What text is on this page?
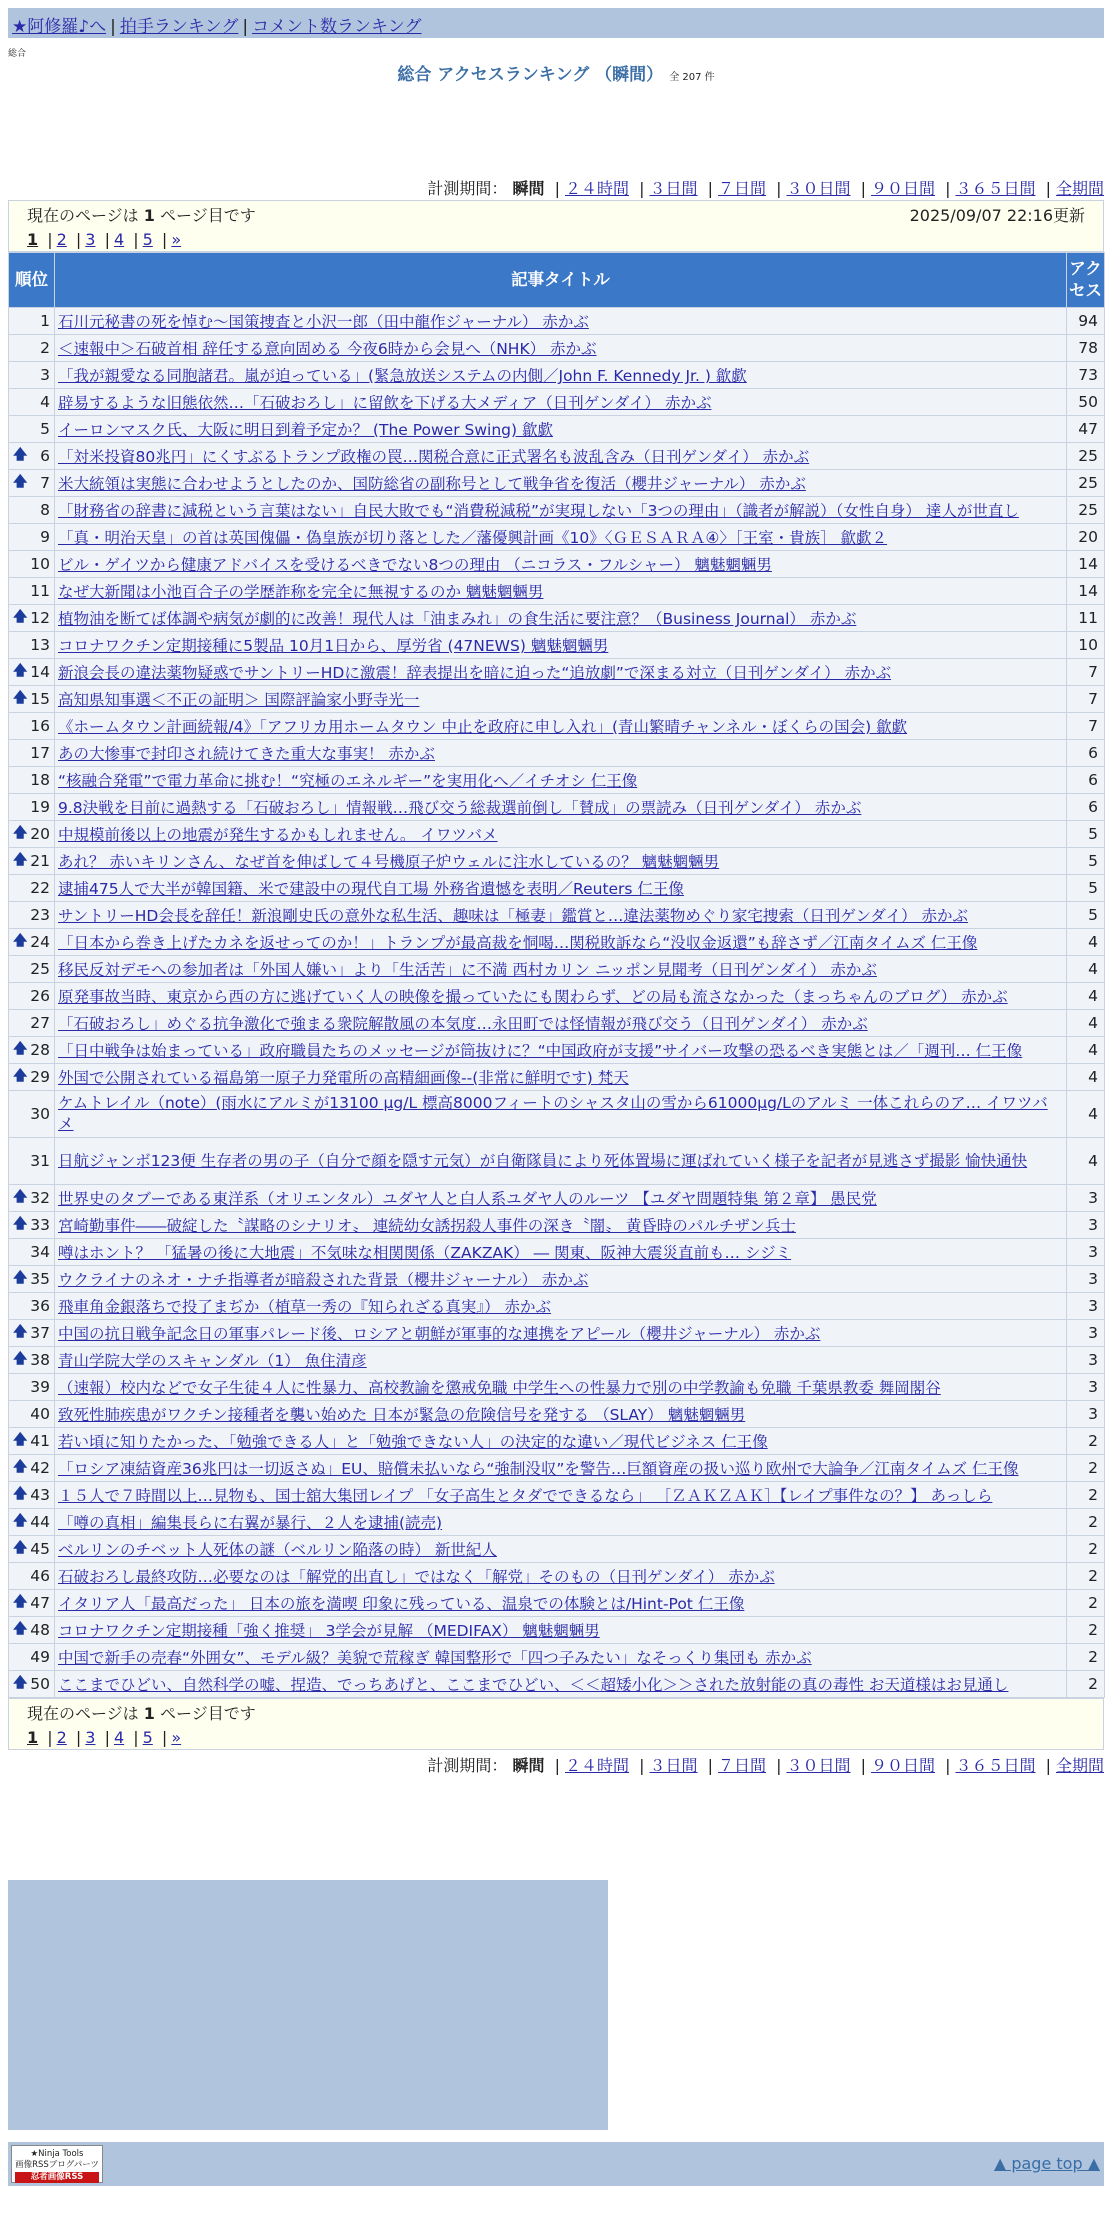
★阿修羅♪へ | 拍手ランキング | コメント数ランキング
総合
総合 アクセスランキング （瞬間） 全 207 件
計測期間： 瞬間 | ２４時間 | ３日間 | ７日間 | ３０日間 | ９０日間 | ３６５日間 | 全期間
現在のページは 1 ページ目です	2025/09/07 22:16更新
1 | 2 | 3 | 4 | 5 | »
順位	記事タイトル	アクセス
1	石川元秘書の死を悼む〜国策捜査と小沢一郎（田中龍作ジャーナル） 赤かぶ	94
2	＜速報中＞石破首相 辞任する意向固める 今夜6時から会見へ（NHK） 赤かぶ	78
3	「我が親愛なる同胞諸君。嵐が迫っている」(緊急放送システムの内側／John F. Kennedy Jr. ) 歙歔	73
4	辟易するような旧態依然…「石破おろし」に留飲を下げる大メディア（日刊ゲンダイ） 赤かぶ	50
5	イーロンマスク氏、大阪に明日到着予定か？ (The Power Swing) 歙歔	47

🡅 6	「対米投資80兆円」にくすぶるトランプ政権の罠…関税合意に正式署名も波乱含み（日刊ゲンダイ） 赤かぶ	25

🡅 7	米大統領は実態に合わせようとしたのか、国防総省の副称号として戦争省を復活（櫻井ジャーナル） 赤かぶ	25
8	「財務省の辞書に減税という言葉はない」自民大敗でも“消費税減税”が実現しない「3つの理由」（識者が解説）（女性自身） 達人が世直し	25
9	「真・明治天皇」の首は英国傀儡・偽皇族が切り落とした／藩優興計画《10》〈ＧＥＳＡＲＡ④〉［王室・貴族］ 歙歔２	20
10	ビル・ゲイツから健康アドバイスを受けるべきでない8つの理由 （ニコラス・フルシャー） 魑魅魍魎男	14
11	なぜ大新聞は小池百合子の学歴詐称を完全に無視するのか 魑魅魍魎男	14

🡅 12	植物油を断てば体調や病気が劇的に改善！現代人は「油まみれ」の食生活に要注意？（Business Journal） 赤かぶ	11
13	コロナワクチン定期接種に5製品 10月1日から、厚労省 (47NEWS) 魑魅魍魎男	10

🡅 14	新浪会長の違法薬物疑惑でサントリーHDに激震！辞表提出を暗に迫った“追放劇”で深まる対立（日刊ゲンダイ） 赤かぶ	7

🡅 15	高知県知事選＜不正の証明＞ 国際評論家小野寺光一	7
16	《ホームタウン計画続報/4》「アフリカ用ホームタウン 中止を政府に申し入れ」(青山繁晴チャンネル・ぼくらの国会) 歙歔	7
17	あの大惨事で封印され続けてきた重大な事実！ 赤かぶ	6
18	“核融合発電”で電力革命に挑む！“究極のエネルギー”を実用化へ／イチオシ 仁王像	6
19	9.8決戦を目前に過熱する「石破おろし」情報戦…飛び交う総裁選前倒し「賛成」の票読み（日刊ゲンダイ） 赤かぶ	6

🡅 20	中規模前後以上の地震が発生するかもしれません。 イワツバメ	5

🡅 21	あれ？ 赤いキリンさん、なぜ首を伸ばして４号機原子炉ウェルに注水しているの？ 魑魅魍魎男	5
22	逮捕475人で大半が韓国籍、米で建設中の現代自工場 外務省遺憾を表明／Reuters 仁王像	5
23	サントリーHD会長を辞任！新浪剛史氏の意外な私生活、趣味は「極妻」鑑賞と…違法薬物めぐり家宅捜索（日刊ゲンダイ） 赤かぶ	5

🡅 24	「日本から巻き上げたカネを返せってのか！」トランプが最高裁を恫喝…関税敗訴なら“没収金返還”も辞さず／江南タイムズ 仁王像	4
25	移民反対デモへの参加者は「外国人嫌い」より「生活苦」に不満 西村カリン ニッポン見聞考（日刊ゲンダイ） 赤かぶ	4
26	原発事故当時、東京から西の方に逃げていく人の映像を撮っていたにも関わらず、どの局も流さなかった（まっちゃんのブログ） 赤かぶ	4
27	「石破おろし」めぐる抗争激化で強まる衆院解散風の本気度…永田町では怪情報が飛び交う（日刊ゲンダイ） 赤かぶ	4

🡅 28	「日中戦争は始まっている」政府職員たちのメッセージが筒抜けに？“中国政府が支援”サイバー攻撃の恐るべき実態とは／「週刊… 仁王像	4

🡅 29	外国で公開されている福島第一原子力発電所の高精細画像--(非常に鮮明です) 梵天	4
30	ケムトレイル（note）(雨水にアルミが13100 μg/L 標高8000フィートのシャスタ山の雪から61000μg/Lのアルミ 一体これらのア… イワツバメ	4
31	日航ジャンボ123便 生存者の男の子（自分で顔を隠す元気）が自衛隊員により死体置場に運ばれていく様子を記者が見逃さず撮影 愉快通快	4

🡅 32	世界史のタブーである東洋系（オリエンタル）ユダヤ人と白人系ユダヤ人のルーツ 【ユダヤ問題特集 第２章】 愚民党	3

🡅 33	宮崎勤事件――破綻した〝謀略のシナリオ〟 連続幼女誘拐殺人事件の深き〝闇〟 黄昏時のパルチザン兵士	3
34	噂はホント？ 「猛暑の後に大地震」不気味な相関関係（ZAKZAK） ― 関東、阪神大震災直前も… シジミ	3

🡅 35	ウクライナのネオ・ナチ指導者が暗殺された背景（櫻井ジャーナル） 赤かぶ	3
36	飛車角金銀落ちで投了まぢか（植草一秀の『知られざる真実』） 赤かぶ	3

🡅 37	中国の抗日戦争記念日の軍事パレード後、ロシアと朝鮮が軍事的な連携をアピール（櫻井ジャーナル） 赤かぶ	3

🡅 38	青山学院大学のスキャンダル（1） 魚住清彦	3
39	（速報）校内などで女子生徒４人に性暴力、高校教諭を懲戒免職 中学生への性暴力で別の中学教諭も免職 千葉県教委 舞岡閣谷	3
40	致死性肺疾患がワクチン接種者を襲い始めた 日本が緊急の危険信号を発する （SLAY） 魑魅魍魎男	3

🡅 41	若い頃に知りたかった、「勉強できる人」と「勉強できない人」の決定的な違い／現代ビジネス 仁王像	2

🡅 42	「ロシア凍結資産36兆円は一切返さぬ」EU、賠償未払いなら“強制没収”を警告…巨額資産の扱い巡り欧州で大論争／江南タイムズ 仁王像	2

🡅 43	１５人で７時間以上…見物も、国士舘大集団レイプ 「女子高生とタダでできるなら」 ［ＺＡＫＺＡＫ］【レイプ事件なの？】 あっしら	2

🡅 44	「噂の真相」編集長らに右翼が暴行、２人を逮捕(読売)	2

🡅 45	ベルリンのチベット人死体の謎（ベルリン陥落の時） 新世紀人	2
46	石破おろし最終攻防…必要なのは「解党的出直し」ではなく「解党」そのもの（日刊ゲンダイ） 赤かぶ	2

🡅 47	イタリア人「最高だった」 日本の旅を満喫 印象に残っている、温泉での体験とは/Hint-Pot 仁王像	2

🡅 48	コロナワクチン定期接種「強く推奨」 3学会が見解 （MEDIFAX） 魑魅魍魎男	2
49	中国で新手の売春“外囲女”、モデル級？美貌で荒稼ぎ 韓国整形で「四つ子みたい」なそっくり集団も 赤かぶ	2

🡅 50	ここまでひどい、自然科学の嘘、捏造、でっちあげと、ここまでひどい、＜＜超矮小化＞＞された放射能の真の毒性 お天道様はお見通し	2
計測期間： 瞬間 | ２４時間 | ３日間 | ７日間 | ３０日間 | ９０日間 | ３６５日間 | 全期間
現在のページは 1 ページ目です
1 | 2 | 3 | 4 | 5 | »
★Ninja Tools
画像RSSブログパーツ
忍者画像RSS
▲ page top ▲
